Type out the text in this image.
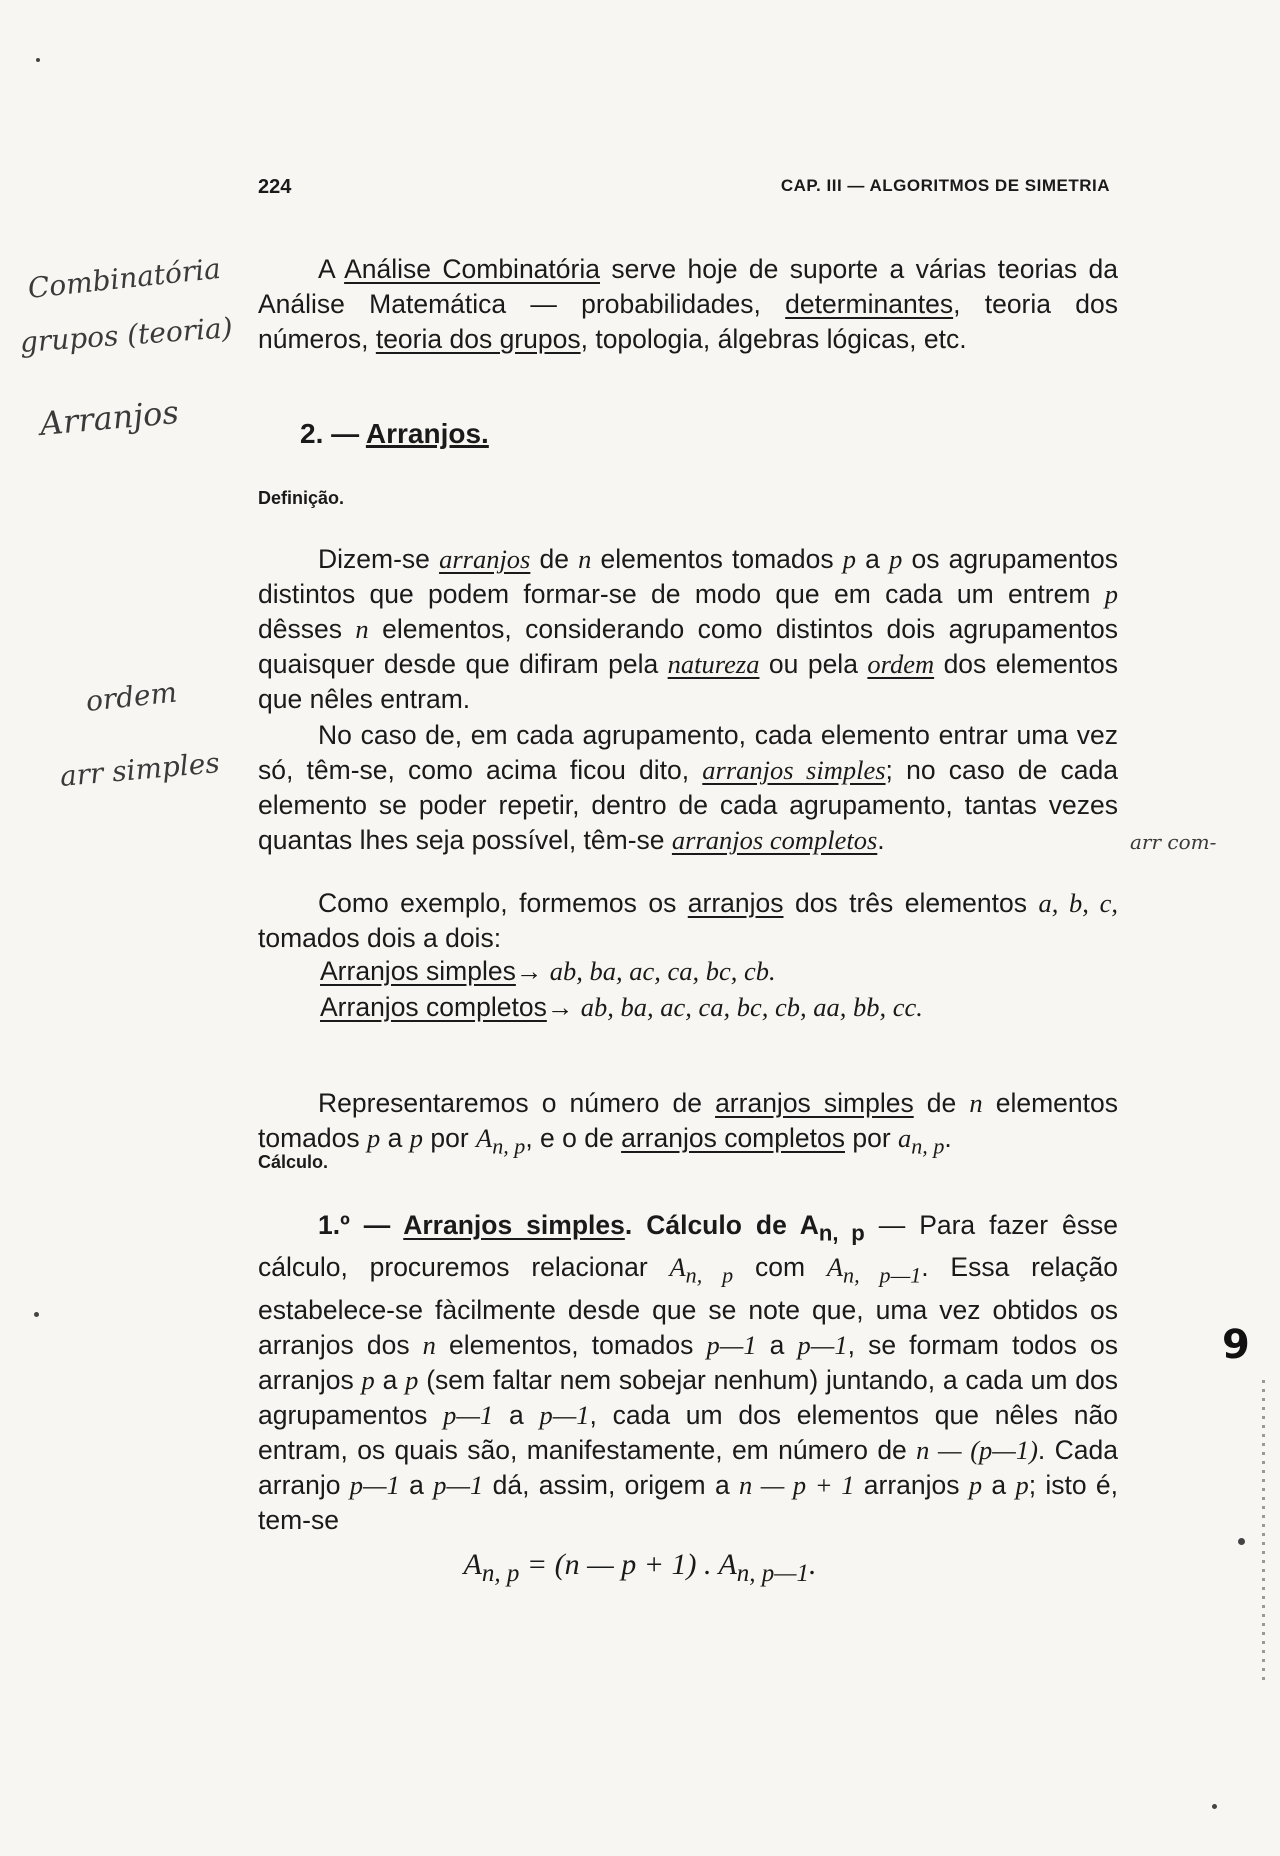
224	CAP. III — ALGORITMOS DE SIMETRIA

A Análise Combinatória serve hoje de suporte a várias teorias da Análise Matemática — probabilidades, determinantes, teoria dos números, teoria dos grupos, topologia, álgebras lógicas, etc.

2. — Arranjos.
Definição.

Dizem-se arranjos de n elementos tomados p a p os agrupamentos distintos que podem formar-se de modo que em cada um entrem p dêsses n elementos, considerando como distintos dois agrupamentos quaisquer desde que difiram pela natureza ou pela ordem dos elementos que nêles entram.

No caso de, em cada agrupamento, cada elemento entrar uma vez só, têm-se, como acima ficou dito, arranjos simples; no caso de cada elemento se poder repetir, dentro de cada agrupamento, tantas vezes quantas lhes seja possível, têm-se arranjos completos.

Como exemplo, formemos os arranjos dos três elementos a, b, c, tomados dois a dois:

Arranjos simples→ ab, ba, ac, ca, bc, cb.
Arranjos completos→ ab, ba, ac, ca, bc, cb, aa, bb, cc.

Representaremos o número de arranjos simples de n elementos tomados p a p por $A_{n, p}$, e o de arranjos completos por $a_{n, p}$.

Cálculo.

1.º — Arranjos simples. Cálculo de $A_{n, p}$ — Para fazer êsse cálculo, procuremos relacionar $A_{n, p}$ com $A_{n, p—1}$. Essa relação estabelece-se fàcilmente desde que se note que, uma vez obtidos os arranjos dos n elementos, tomados p—1 a p—1, se formam todos os arranjos p a p (sem faltar nem sobejar nenhum) juntando, a cada um dos agrupamentos p—1 a p—1, cada um dos elementos que nêles não entram, os quais são, manifestamente, em número de n — (p—1). Cada arranjo p—1 a p—1 dá, assim, origem a n — p + 1 arranjos p a p; isto é, tem-se

$A_{n, p} = (n$ — p + 1) . $A_{n, p—1}$.
Combinatória
grupos (teoria)
Arranjos
ordem
arr simples
arr com-
9
